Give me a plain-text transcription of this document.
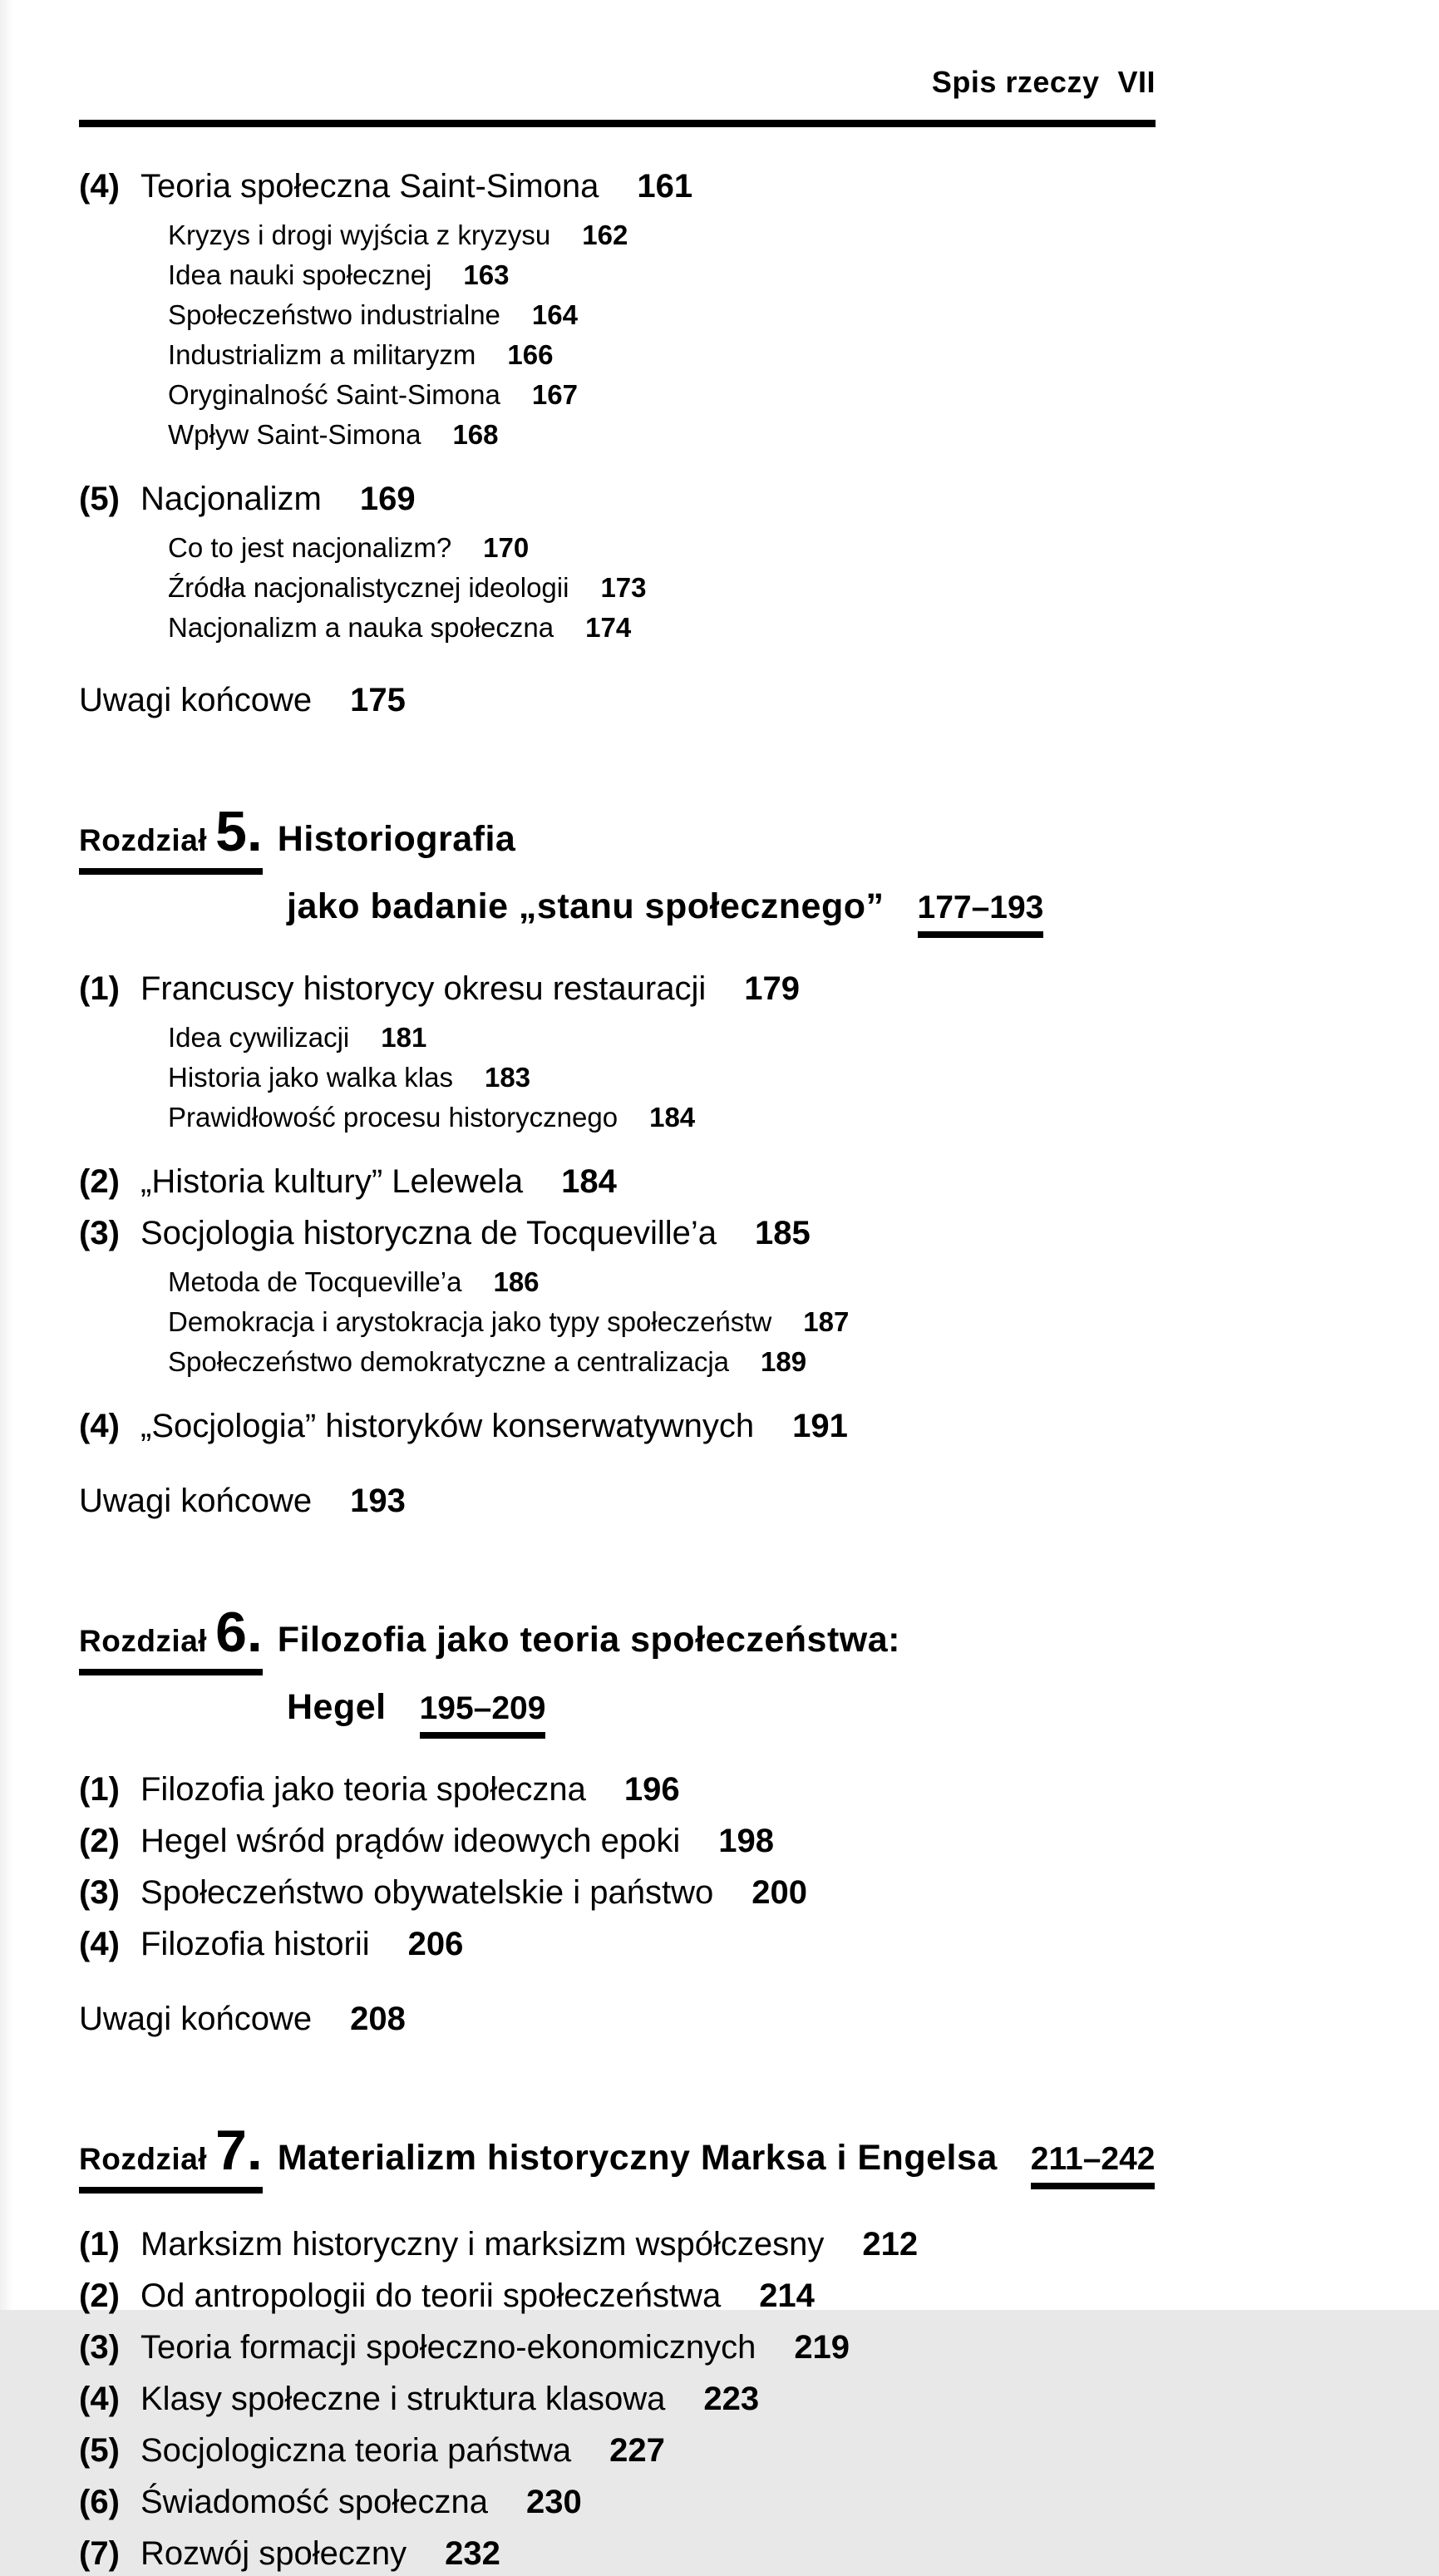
Spis rzeczy VII
(4) Teoria społeczna Saint-Simona 161
Kryzys i drogi wyjścia z kryzysu 162
Idea nauki społecznej 163
Społeczeństwo industrialne 164
Industrializm a militaryzm 166
Oryginalność Saint-Simona 167
Wpływ Saint-Simona 168
(5) Nacjonalizm 169
Co to jest nacjonalizm? 170
Źródła nacjonalistycznej ideologii 173
Nacjonalizm a nauka społeczna 174
Uwagi końcowe 175
Rozdział 5. Historiografia
jako badanie „stanu społecznego” 177–193
(1) Francuscy historycy okresu restauracji 179
Idea cywilizacji 181
Historia jako walka klas 183
Prawidłowość procesu historycznego 184
(2) „Historia kultury” Lelewela 184
(3) Socjologia historyczna de Tocqueville’a 185
Metoda de Tocqueville’a 186
Demokracja i arystokracja jako typy społeczeństw 187
Społeczeństwo demokratyczne a centralizacja 189
(4) „Socjologia” historyków konserwatywnych 191
Uwagi końcowe 193
Rozdział 6. Filozofia jako teoria społeczeństwa:
Hegel 195–209
(1) Filozofia jako teoria społeczna 196
(2) Hegel wśród prądów ideowych epoki 198
(3) Społeczeństwo obywatelskie i państwo 200
(4) Filozofia historii 206
Uwagi końcowe 208
Rozdział 7. Materializm historyczny Marksa i Engelsa 211–242
(1) Marksizm historyczny i marksizm współczesny 212
(2) Od antropologii do teorii społeczeństwa 214
(3) Teoria formacji społeczno-ekonomicznych 219
(4) Klasy społeczne i struktura klasowa 223
(5) Socjologiczna teoria państwa 227
(6) Świadomość społeczna 230
(7) Rozwój społeczny 232
